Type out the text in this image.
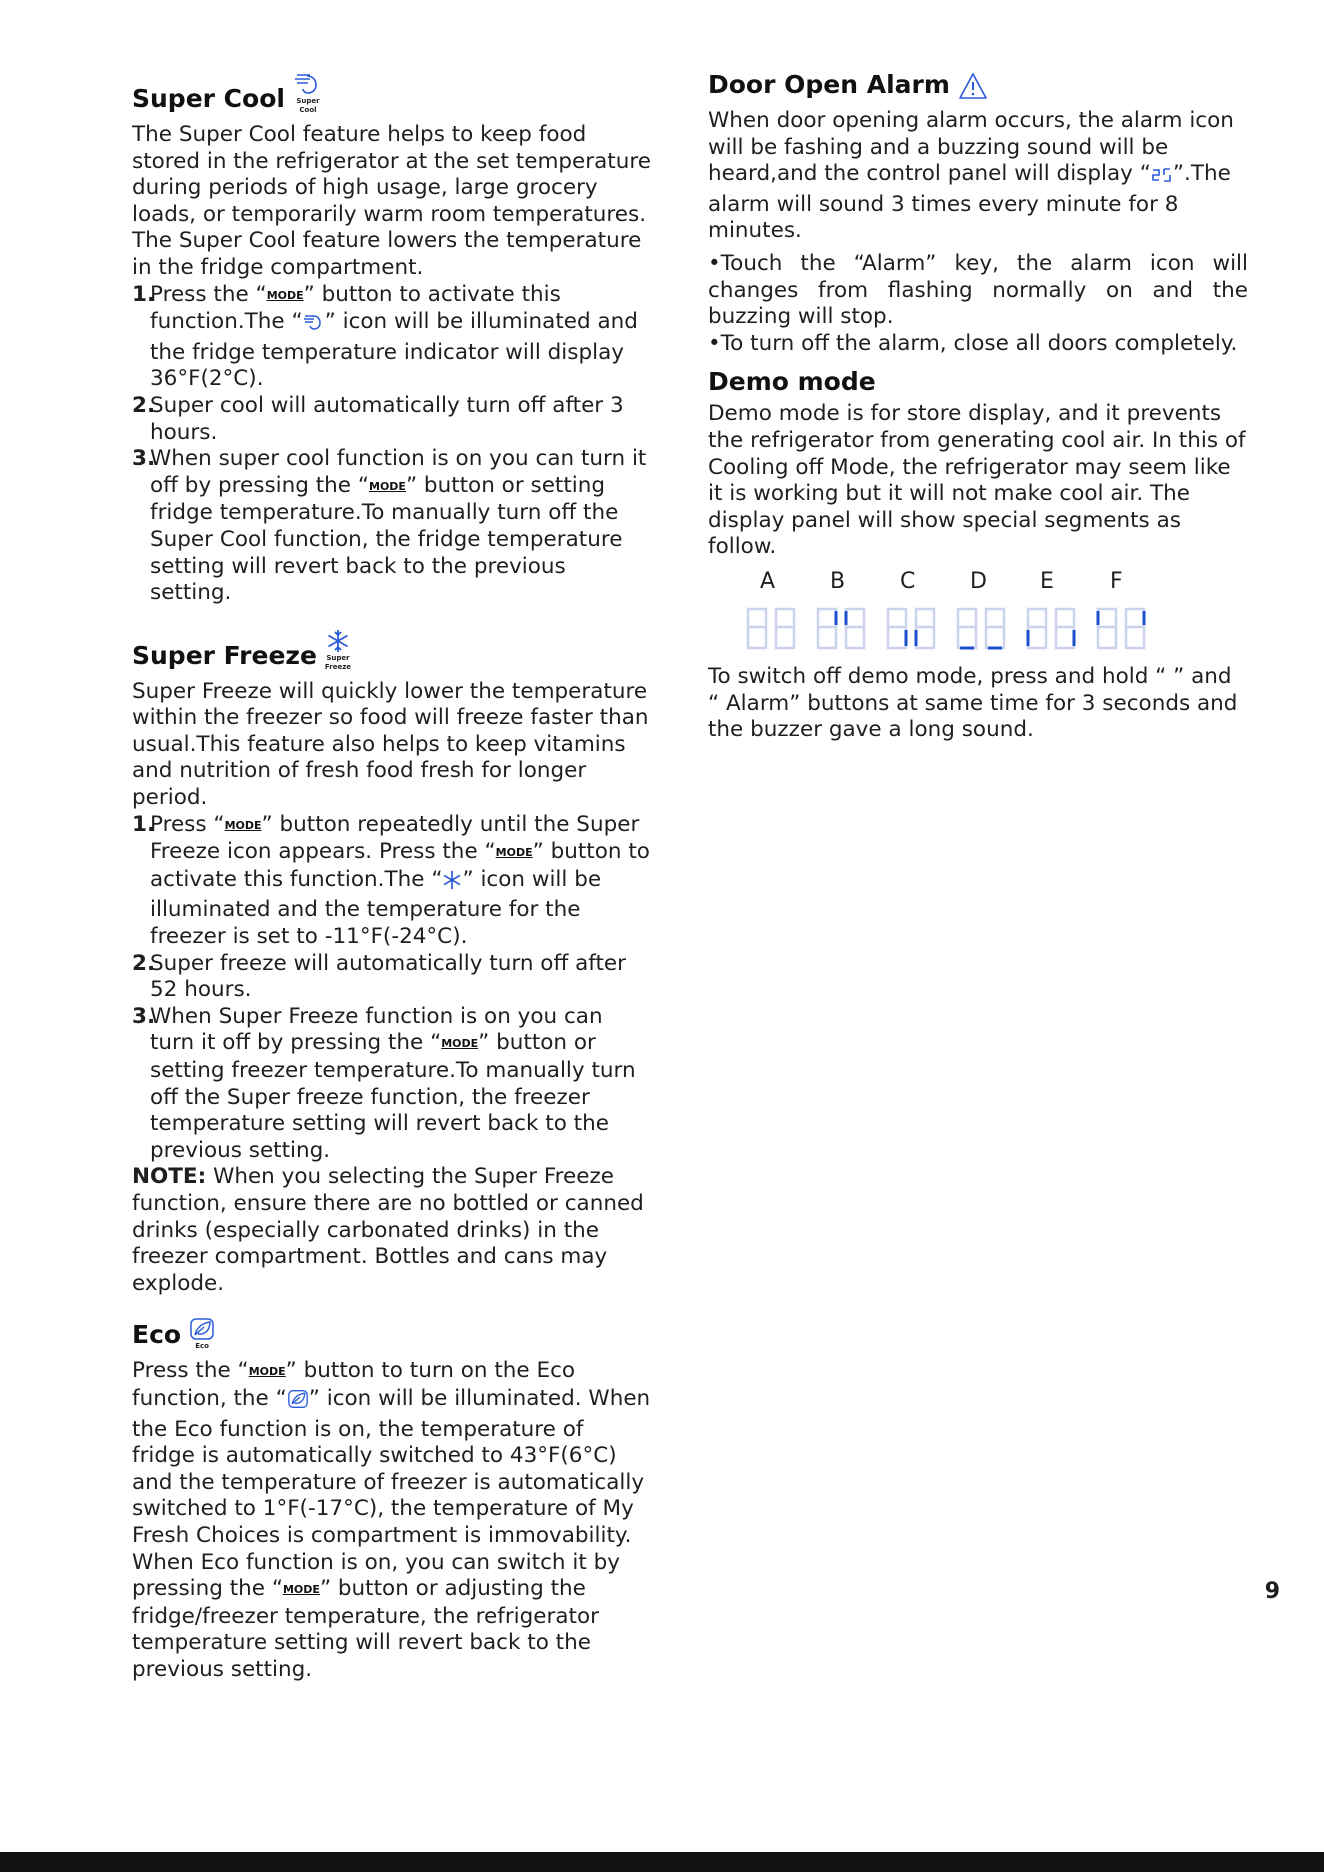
Super Cool Super
Cool

The Super Cool feature helps to keep food stored in the refrigerator at the set temperature during periods of high usage, large grocery loads, or temporarily warm room temperatures.

The Super Cool feature lowers the temperature in the fridge compartment.

1.
Press the “MODE” button to activate this function.The “ ” icon will be illuminated and the fridge temperature indicator will display 36°F(2°C).
2.
Super cool will automatically turn off after 3 hours.
3.
When super cool function is on you can turn it off by pressing the “MODE” button or setting fridge temperature.To manually turn off the Super Cool function, the fridge temperature setting will revert back to the previous setting.
Super Freeze Super
Freeze

Super Freeze will quickly lower the temperature within the freezer so food will freeze faster than usual.This feature also helps to keep vitamins and nutrition of fresh food fresh for longer period.

1.
Press “MODE” button repeatedly until the Super Freeze icon appears. Press the “MODE” button to activate this function.The “ ” icon will be illuminated and the temperature for the freezer is set to -11°F(-24°C).
2.
Super freeze will automatically turn off after 52 hours.
3.
When Super Freeze function is on you can turn it off by pressing the “MODE” button or setting freezer temperature.To manually turn off the Super freeze function, the freezer temperature setting will revert back to the previous setting.

NOTE: When you selecting the Super Freeze function, ensure there are no bottled or canned drinks (especially carbonated drinks) in the freezer compartment. Bottles and cans may explode.

Eco Eco

Press the “MODE” button to turn on the Eco function, the “ ” icon will be illuminated. When the Eco function is on, the temperature of fridge is automatically switched to 43°F(6°C) and the temperature of freezer is automatically switched to 1°F(-17°C), the temperature of My Fresh Choices is compartment is immovability. When Eco function is on, you can switch it by pressing the “MODE” button or adjusting the fridge/freezer temperature, the refrigerator temperature setting will revert back to the previous setting.

Door Open Alarm

When door opening alarm occurs, the alarm icon will be fashing and a buzzing sound will be heard,and the control panel will display “ ”.The alarm will sound 3 times every minute for 8 minutes.

•Touch the “Alarm” key, the alarm icon will changes from flashing normally on and the buzzing will stop.

•To turn off the alarm, close all doors completely.

Demo mode

Demo mode is for store display, and it prevents the refrigerator from generating cool air. In this of Cooling off Mode, the refrigerator may seem like it is working but it will not make cool air. The display panel will show special segments as follow.

A	B	C	D	E	F

To switch off demo mode, press and hold “ ” and “ Alarm” buttons at same time for 3 seconds and the buzzer gave a long sound.

9
